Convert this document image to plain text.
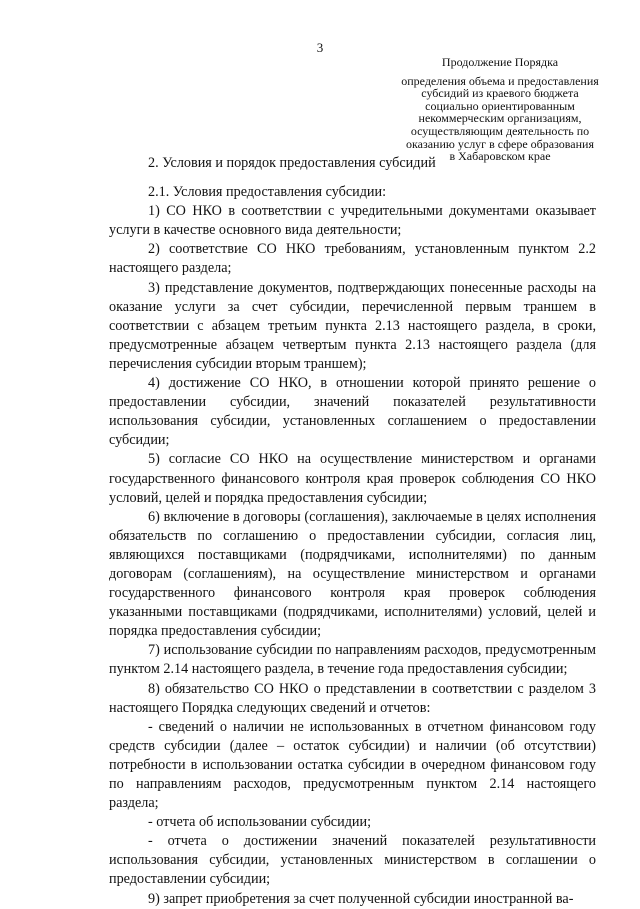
3
Продолжение Порядка
определения объема и предоставления
субсидий из краевого бюджета
социально ориентированным
некоммерческим организациям,
осуществляющим деятельность по
оказанию услуг в сфере образования
в Хабаровском крае

2. Условия и порядок предоставления субсидий

2.1. Условия предоставления субсидии:

1) СО НКО в соответствии с учредительными документами оказывает услуги в качестве основного вида деятельности;

2) соответствие СО НКО требованиям, установленным пунктом 2.2 настоящего раздела;

3) представление документов, подтверждающих понесенные расходы на оказание услуги за счет субсидии, перечисленной первым траншем в соответствии с абзацем третьим пункта 2.13 настоящего раздела, в сроки, предусмотренные абзацем четвертым пункта 2.13 настоящего раздела (для перечисления субсидии вторым траншем);

4) достижение СО НКО, в отношении которой принято решение о предоставлении субсидии, значений показателей результативности использования субсидии, установленных соглашением о предоставлении субсидии;

5) согласие СО НКО на осуществление министерством и органами государственного финансового контроля края проверок соблюдения СО НКО условий, целей и порядка предоставления субсидии;

6) включение в договоры (соглашения), заключаемые в целях исполнения обязательств по соглашению о предоставлении субсидии, согласия лиц, являющихся поставщиками (подрядчиками, исполнителями) по данным договорам (соглашениям), на осуществление министерством и органами государственного финансового контроля края проверок соблюдения указанными поставщиками (подрядчиками, исполнителями) условий, целей и порядка предоставления субсидии;

7) использование субсидии по направлениям расходов, предусмотренным пунктом 2.14 настоящего раздела, в течение года предоставления субсидии;

8) обязательство СО НКО о представлении в соответствии с разделом 3 настоящего Порядка следующих сведений и отчетов:

- сведений о наличии не использованных в отчетном финансовом году средств субсидии (далее – остаток субсидии) и наличии (об отсутствии) потребности в использовании остатка субсидии в очередном финансовом году по направлениям расходов, предусмотренным пунктом 2.14 настоящего раздела;

- отчета об использовании субсидии;

- отчета о достижении значений показателей результативности использования субсидии, установленных министерством в соглашении о предоставлении субсидии;

9) запрет приобретения за счет полученной субсидии иностранной ва-
